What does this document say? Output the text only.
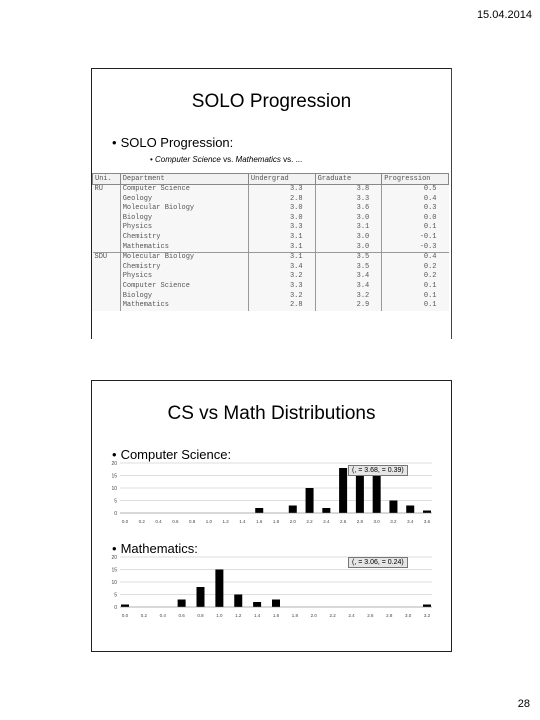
15.04.2014
SOLO Progression
• SOLO Progression:
• Computer Science vs. Mathematics vs. ...
Uni.	Department	Undergrad	Graduate	Progression
RU	Computer Science	3.3	3.8	0.5
	Geology	2.8	3.3	0.4
	Molecular Biology	3.0	3.6	0.3
	Biology	3.0	3.0	0.0
	Physics	3.3	3.1	0.1
	Chemistry	3.1	3.0	-0.1
	Mathematics	3.1	3.0	-0.3
SDU	Molecular Biology	3.1	3.5	0.4
	Chemistry	3.4	3.5	0.2
	Physics	3.2	3.4	0.2
	Computer Science	3.3	3.4	0.1
	Biology	3.2	3.2	0.1
	Mathematics	2.8	2.9	0.1
CS vs Math Distributions
• Computer Science:
20
15
10
5
0
0.0 0.2 0.4 0.6 0.8 1.0 1.2 1.4 1.6 1.8 2.0 2.2 2.4 2.6 2.8 3.0 3.2 3.4 3.6
(, = 3.68, = 0.39)
• Mathematics:
20
15
10
5
0
0.0	0.2	0.4	0.6	0.8	1.0	1.2	1.4	1.6	1.8	2.0	2.2	2.4	2.6	2.8	3.0	3.2
(, = 3.06, = 0.24)
28
